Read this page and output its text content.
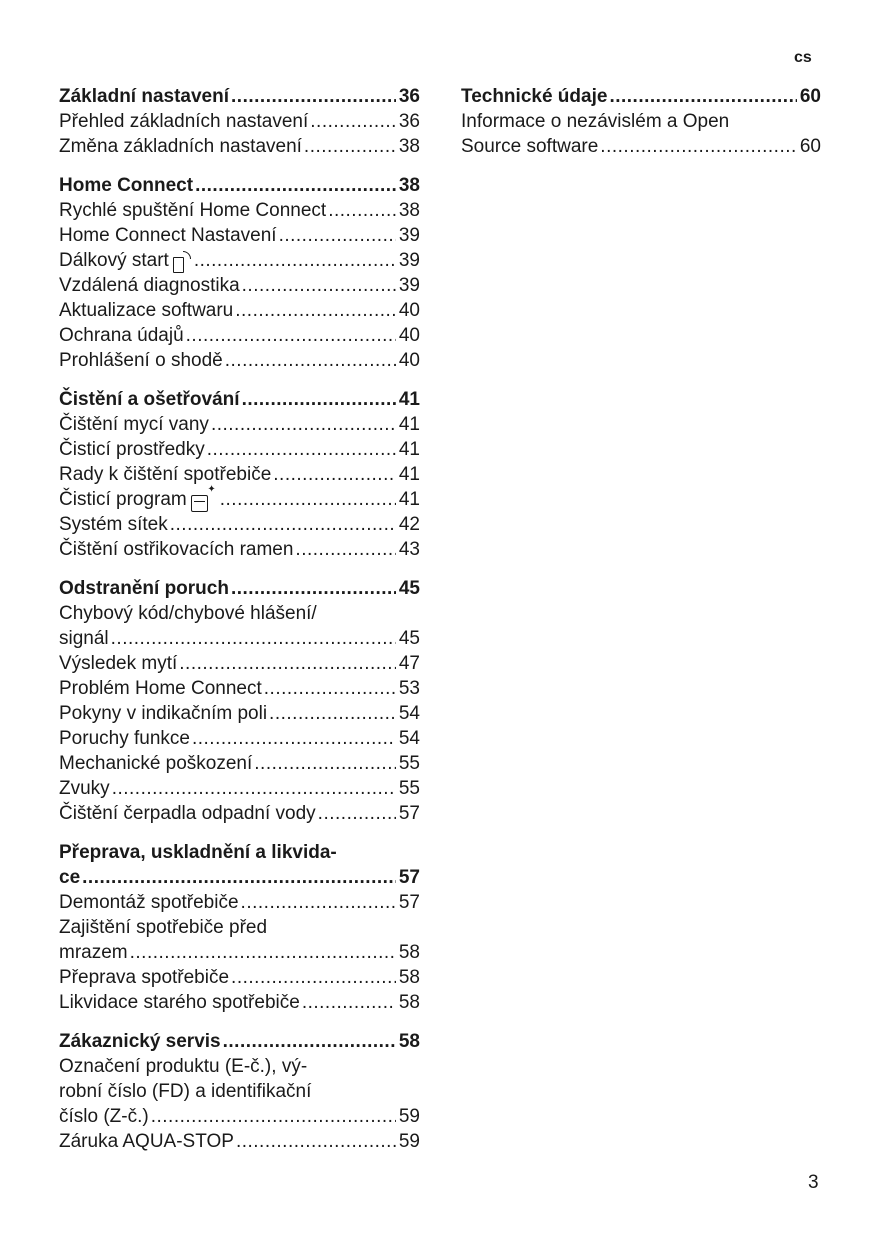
cs
Základní nastavení .....	36
Přehled základních nastavení .....	36
Změna základních nastavení .....	38
Home Connect .....	38
Rychlé spuštění Home Connect .....	38
Home Connect Nastavení .....	39
Dálkový start .....	39
Vzdálená diagnostika .....	39
Aktualizace softwaru .....	40
Ochrana údajů .....	40
Prohlášení o shodě .....	40
Čistění a ošetřování .....	41
Čištění mycí vany .....	41
Čisticí prostředky .....	41
Rady k čištění spotřebiče .....	41
Čisticí program ✦ .....	41
Systém sítek .....	42
Čištění ostřikovacích ramen .....	43
Odstranění poruch .....	45
Chybový kód/chybové hlášení/
signál .....	45
Výsledek mytí .....	47
Problém Home Connect .....	53
Pokyny v indikačním poli .....	54
Poruchy funkce .....	54
Mechanické poškození .....	55
Zvuky .....	55
Čištění čerpadla odpadní vody .....	57
Přeprava, uskladnění a likvida-
ce .....	57
Demontáž spotřebiče .....	57
Zajištění spotřebiče před
mrazem .....	58
Přeprava spotřebiče .....	58
Likvidace starého spotřebiče .....	58
Zákaznický servis .....	58
Označení produktu (E-č.), vý-
robní číslo (FD) a identifikační
číslo (Z-č.) .....	59
Záruka AQUA-STOP .....	59
Technické údaje .....	60
Informace o nezávislém a Open
Source software .....	60
3
